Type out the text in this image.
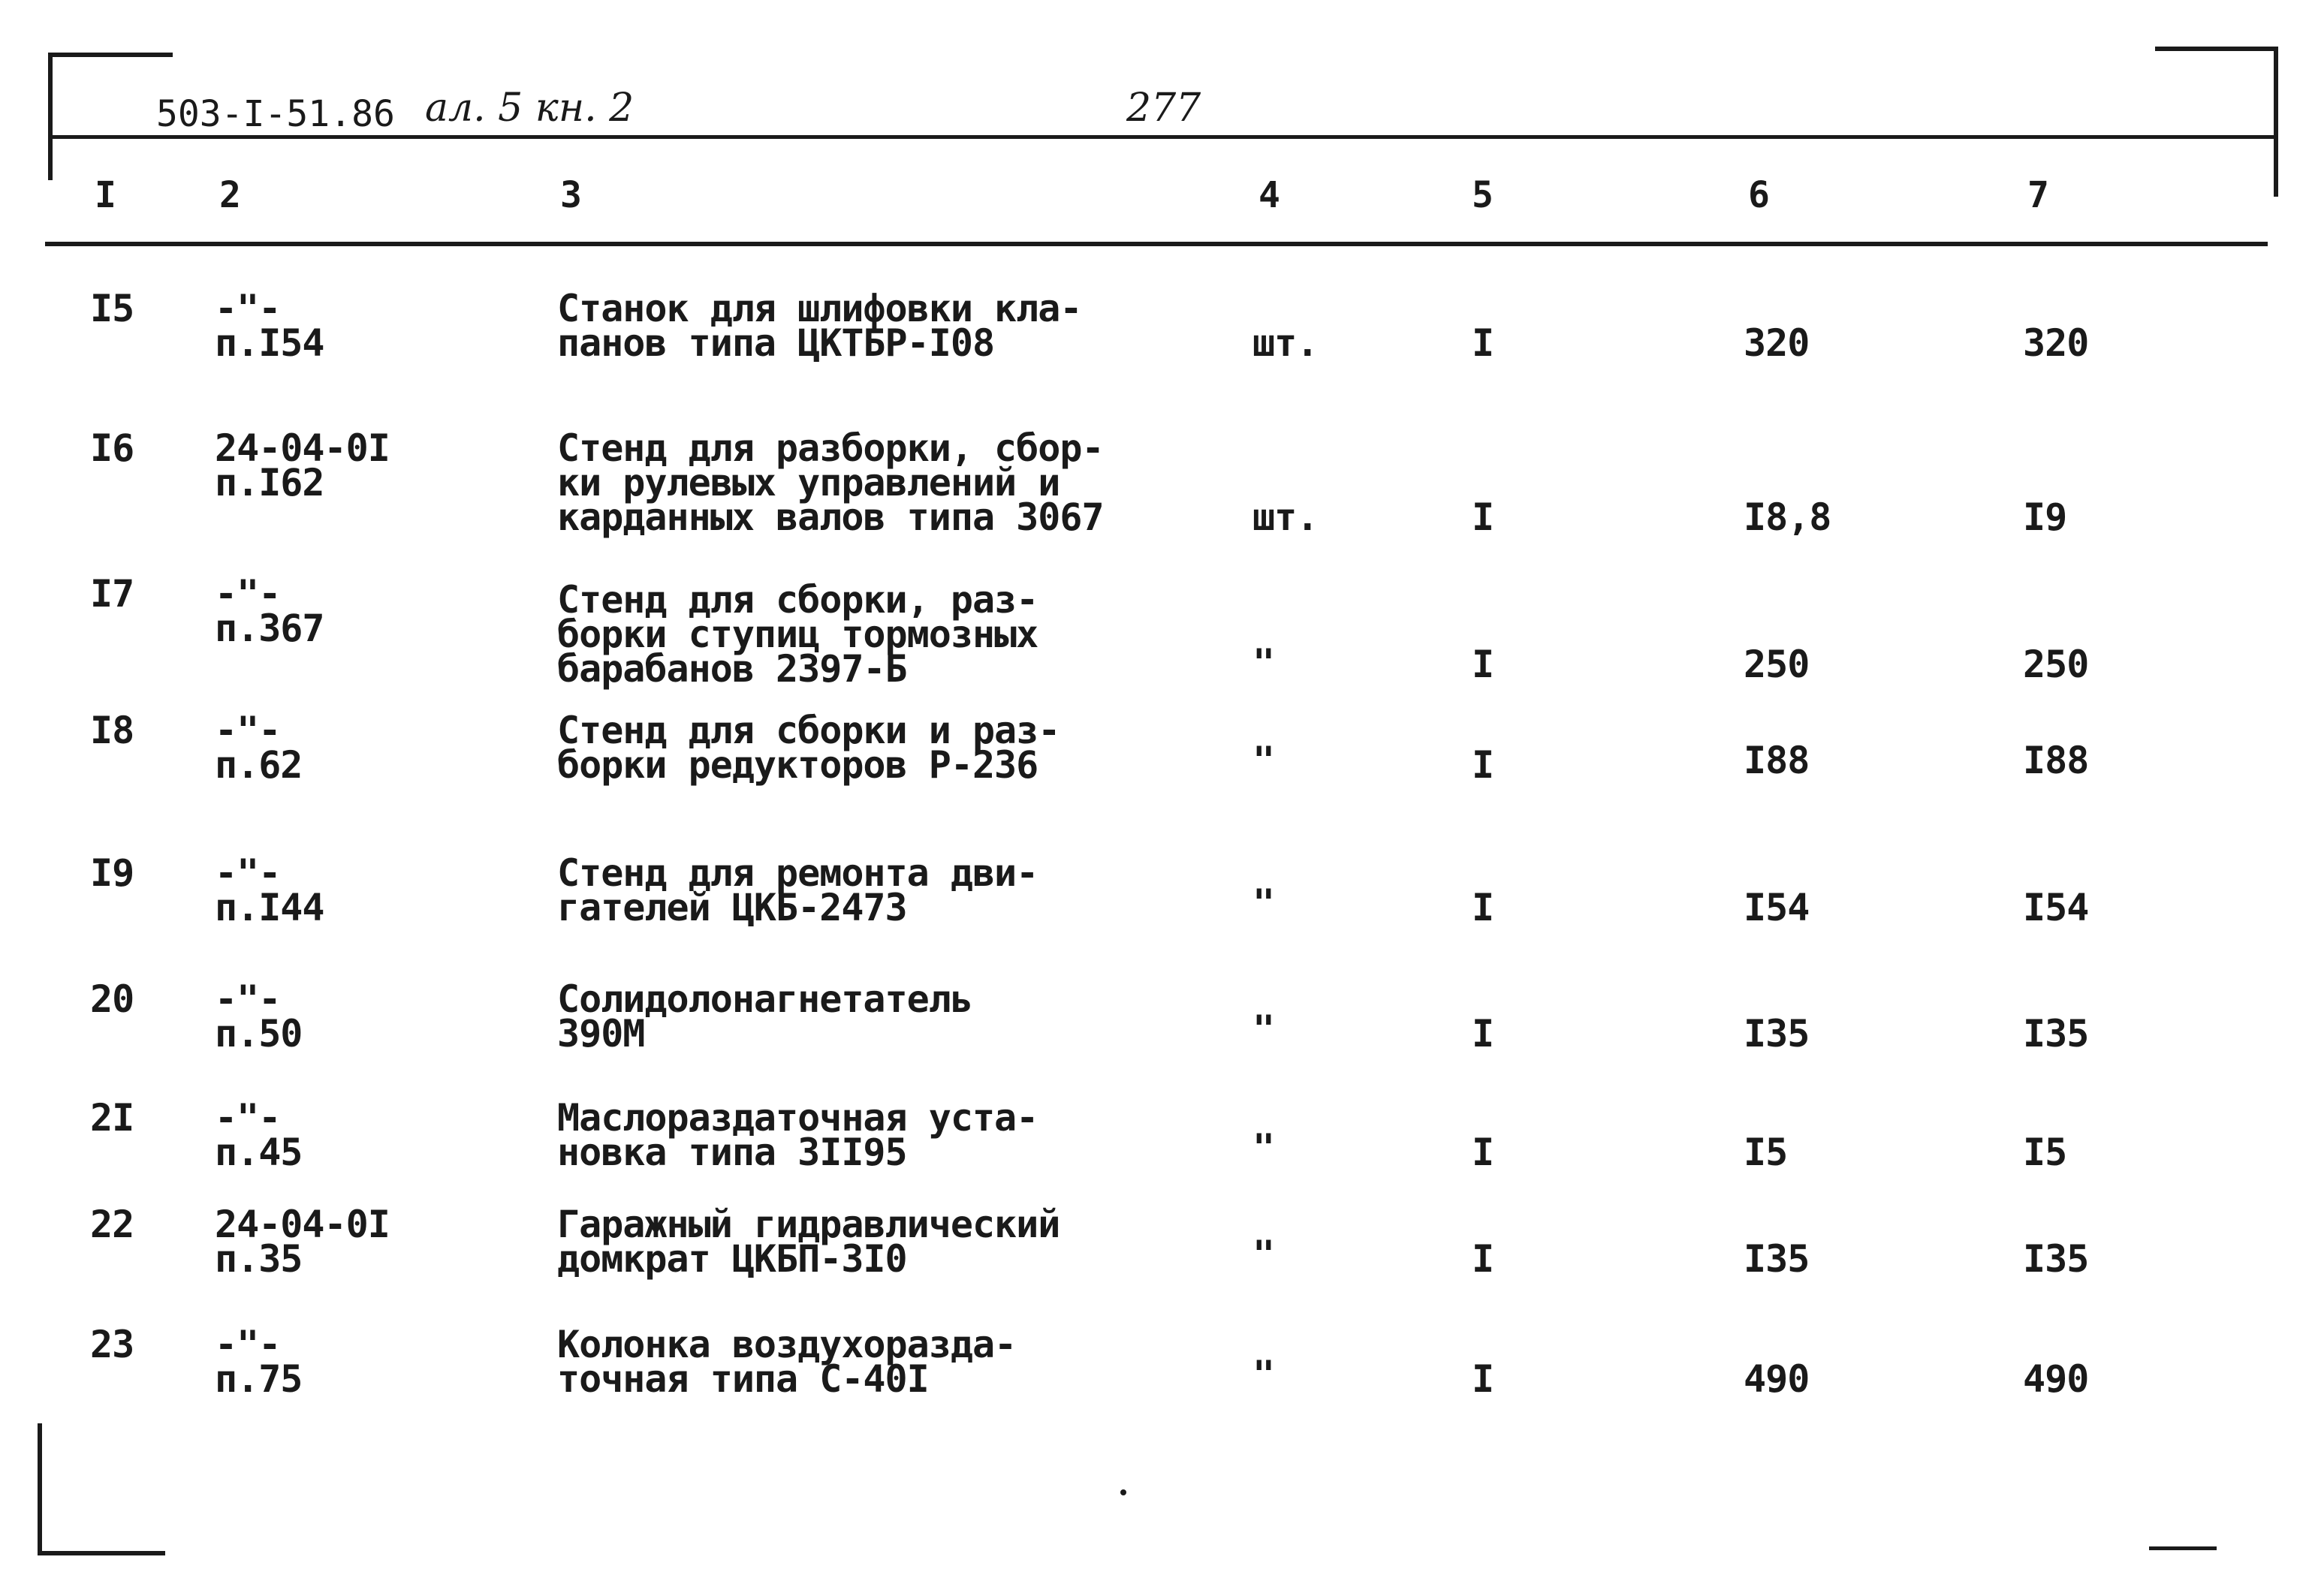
503-I-51.86 ал. 5 кн. 2	277
I	2	3	4	5	6	7
I5 -"-
п.I54
Станок для шлифовки кла-
панов типа ЦКТБР-I08	шт.	I	320	320
I6 24-04-0I
п.I62
Стенд для разборки, сбор-
ки рулевых управлений и
карданных валов типа 3067	шт.	I	I8,8	I9
I7 -"-
п.367
Стенд для сборки, раз-
борки ступиц тормозных
барабанов 2397-Б	"	I	250	250
I8 -"-
п.62
Стенд для сборки и раз-
борки редукторов Р-236	"	I	I88	I88
I9 -"-
п.I44
Стенд для ремонта дви-
гателей ЦКБ-2473	"	I	I54	I54
20 -"-
п.50
Солидолонагнетатель
390М	"	I	I35	I35
2I -"-
п.45
Маслораздаточная уста-
новка типа 3II95	"	I	I5	I5
22 24-04-0I
п.35
Гаражный гидравлический
домкрат ЦКБП-3I0	"	I	I35	I35
23 -"-
п.75
Колонка воздухоразда-
точная типа С-40I	"	I	490	490
